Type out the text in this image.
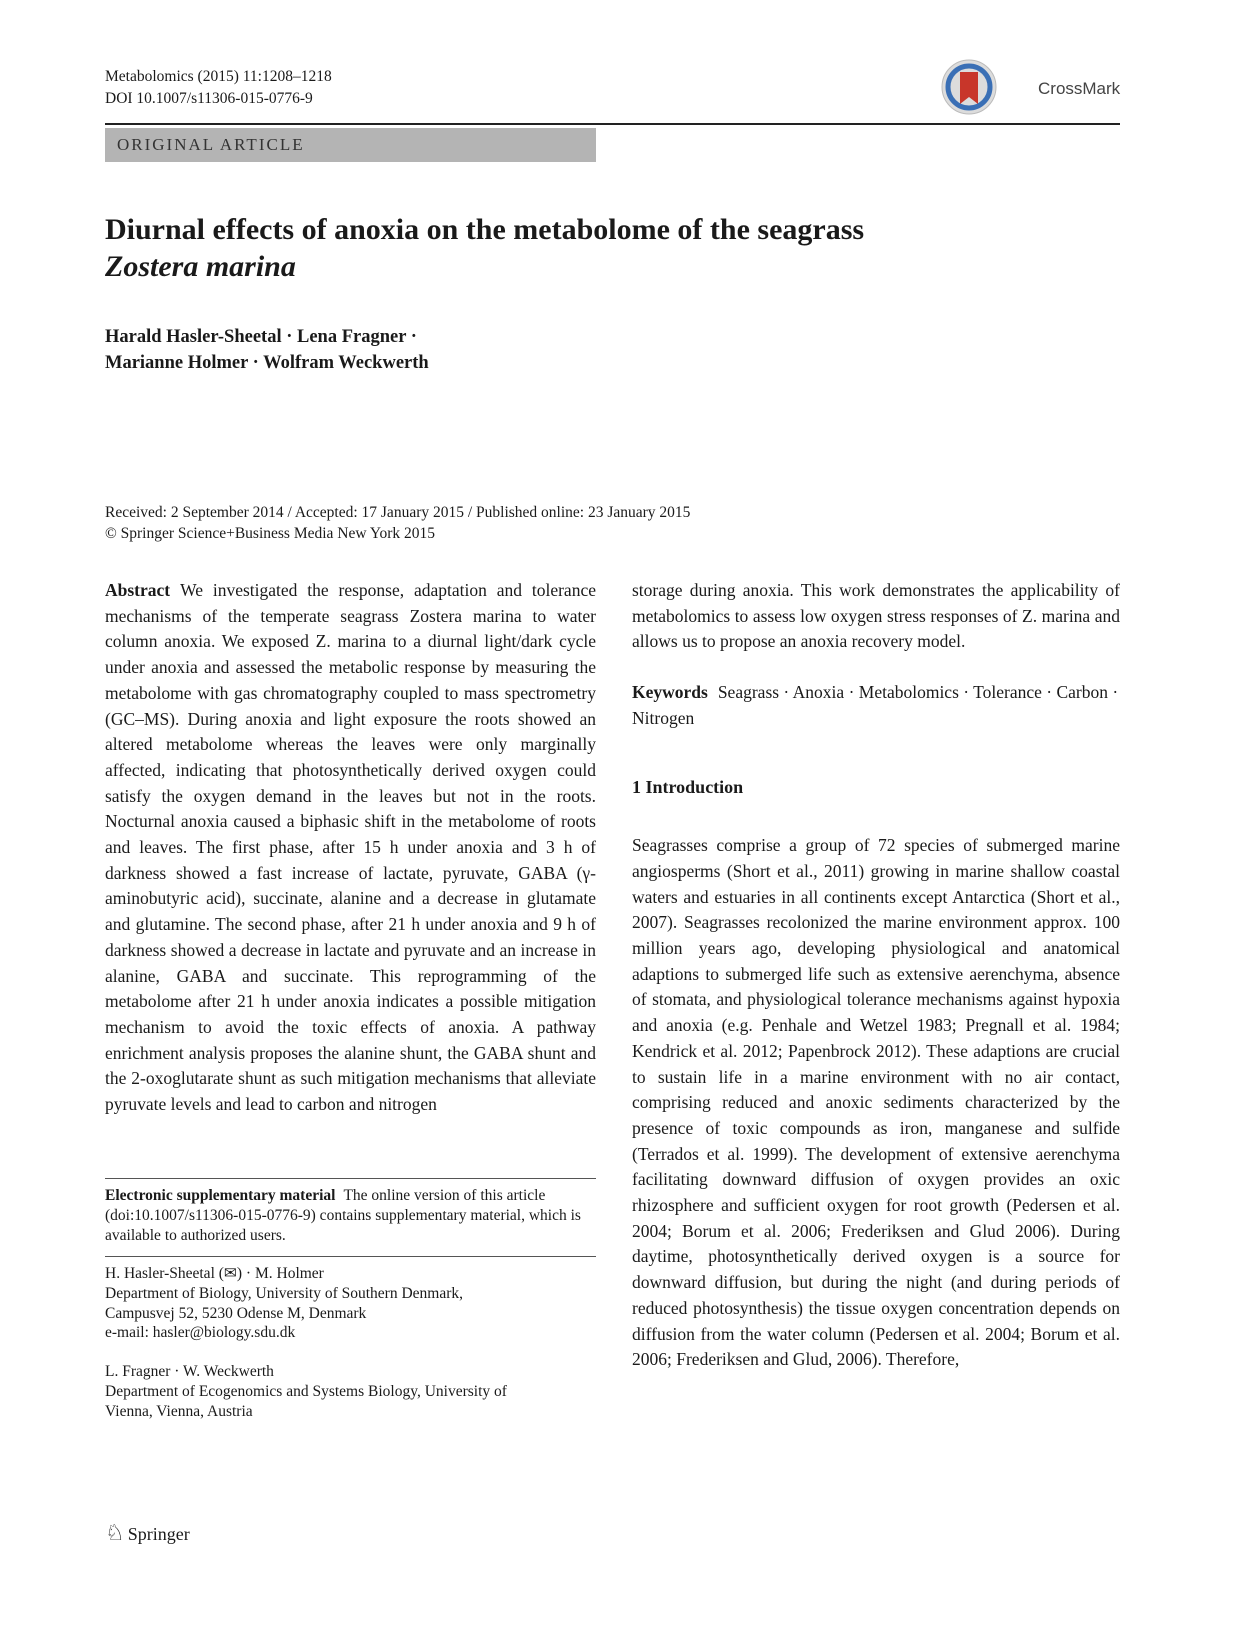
Metabolomics (2015) 11:1208–1218
DOI 10.1007/s11306-015-0776-9
CrossMark
ORIGINAL ARTICLE
Diurnal effects of anoxia on the metabolome of the seagrass
Zostera marina
Harald Hasler-Sheetal · Lena Fragner ·
Marianne Holmer · Wolfram Weckwerth
Received: 2 September 2014 / Accepted: 17 January 2015 / Published online: 23 January 2015
© Springer Science+Business Media New York 2015

Abstract We investigated the response, adaptation and tolerance mechanisms of the temperate seagrass Zostera marina to water column anoxia. We exposed Z. marina to a diurnal light/dark cycle under anoxia and assessed the metabolic response by measuring the metabolome with gas chromatography coupled to mass spectrometry (GC–MS). During anoxia and light exposure the roots showed an altered metabolome whereas the leaves were only marginally affected, indicating that photosynthetically derived oxygen could satisfy the oxygen demand in the leaves but not in the roots. Nocturnal anoxia caused a biphasic shift in the metabolome of roots and leaves. The first phase, after 15 h under anoxia and 3 h of darkness showed a fast increase of lactate, pyruvate, GABA (γ-aminobutyric acid), succinate, alanine and a decrease in glutamate and glutamine. The second phase, after 21 h under anoxia and 9 h of darkness showed a decrease in lactate and pyruvate and an increase in alanine, GABA and succinate. This reprogramming of the metabolome after 21 h under anoxia indicates a possible mitigation mechanism to avoid the toxic effects of anoxia. A pathway enrichment analysis proposes the alanine shunt, the GABA shunt and the 2-oxoglutarate shunt as such mitigation mechanisms that alleviate pyruvate levels and lead to carbon and nitrogen

Electronic supplementary material The online version of this article (doi:10.1007/s11306-015-0776-9) contains supplementary material, which is available to authorized users.
H. Hasler-Sheetal (✉) · M. Holmer
Department of Biology, University of Southern Denmark,
Campusvej 52, 5230 Odense M, Denmark
e-mail: hasler@biology.sdu.dk
L. Fragner · W. Weckwerth
Department of Ecogenomics and Systems Biology, University of
Vienna, Vienna, Austria

storage during anoxia. This work demonstrates the applicability of metabolomics to assess low oxygen stress responses of Z. marina and allows us to propose an anoxia recovery model.

Keywords Seagrass · Anoxia · Metabolomics · Tolerance · Carbon · Nitrogen

1 Introduction

Seagrasses comprise a group of 72 species of submerged marine angiosperms (Short et al., 2011) growing in marine shallow coastal waters and estuaries in all continents except Antarctica (Short et al., 2007). Seagrasses recolonized the marine environment approx. 100 million years ago, developing physiological and anatomical adaptions to submerged life such as extensive aerenchyma, absence of stomata, and physiological tolerance mechanisms against hypoxia and anoxia (e.g. Penhale and Wetzel 1983; Pregnall et al. 1984; Kendrick et al. 2012; Papenbrock 2012). These adaptions are crucial to sustain life in a marine environment with no air contact, comprising reduced and anoxic sediments characterized by the presence of toxic compounds as iron, manganese and sulfide (Terrados et al. 1999). The development of extensive aerenchyma facilitating downward diffusion of oxygen provides an oxic rhizosphere and sufficient oxygen for root growth (Pedersen et al. 2004; Borum et al. 2006; Frederiksen and Glud 2006). During daytime, photosynthetically derived oxygen is a source for downward diffusion, but during the night (and during periods of reduced photosynthesis) the tissue oxygen concentration depends on diffusion from the water column (Pedersen et al. 2004; Borum et al. 2006; Frederiksen and Glud, 2006). Therefore,

♘ Springer
